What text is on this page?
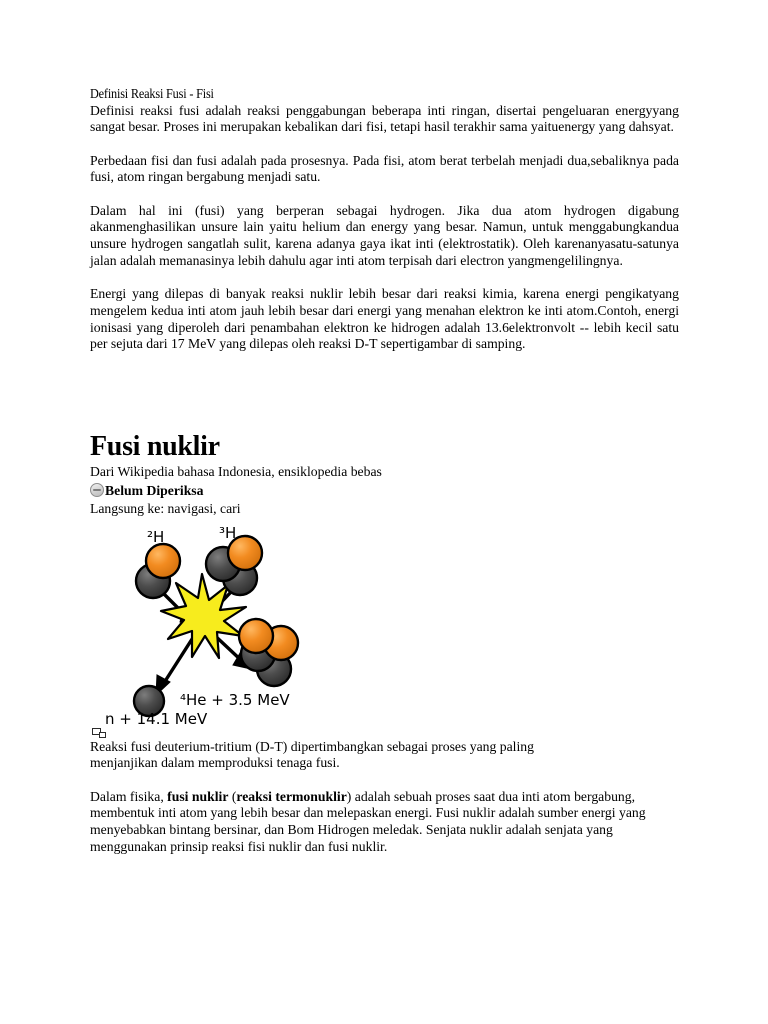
Definisi Reaksi Fusi - Fisi

Definisi reaksi fusi adalah reaksi penggabungan beberapa inti ringan, disertai pengeluaran energyyang sangat besar. Proses ini merupakan kebalikan dari fisi, tetapi hasil terakhir sama yaituenergy yang dahsyat.

Perbedaan fisi dan fusi adalah pada prosesnya. Pada fisi, atom berat terbelah menjadi dua,sebaliknya pada fusi, atom ringan bergabung menjadi satu.

Dalam hal ini (fusi) yang berperan sebagai hydrogen. Jika dua atom hydrogen digabung akanmenghasilikan unsure lain yaitu helium dan energy yang besar. Namun, untuk menggabungkandua unsure hydrogen sangatlah sulit, karena adanya gaya ikat inti (elektrostatik). Oleh karenanyasatu-satunya jalan adalah memanasinya lebih dahulu agar inti atom terpisah dari electron yangmengelilingnya.

Energi yang dilepas di banyak reaksi nuklir lebih besar dari reaksi kimia, karena energi pengikatyang mengelem kedua inti atom jauh lebih besar dari energi yang menahan elektron ke inti atom.Contoh, energi ionisasi yang diperoleh dari penambahan elektron ke hidrogen adalah 13.6elektronvolt -- lebih kecil satu per sejuta dari 17 MeV yang dilepas oleh reaksi D-T sepertigambar di samping.

Fusi nuklir
Dari Wikipedia bahasa Indonesia, ensiklopedia bebas
Belum Diperiksa
Langsung ke: navigasi, cari
²H	³H
⁴He + 3.5 MeV
n + 14.1 MeV

Reaksi fusi deuterium-tritium (D-T) dipertimbangkan sebagai proses yang paling menjanjikan dalam memproduksi tenaga fusi.

Dalam fisika, fusi nuklir (reaksi termonuklir) adalah sebuah proses saat dua inti atom bergabung, membentuk inti atom yang lebih besar dan melepaskan energi. Fusi nuklir adalah sumber energi yang menyebabkan bintang bersinar, dan Bom Hidrogen meledak. Senjata nuklir adalah senjata yang menggunakan prinsip reaksi fisi nuklir dan fusi nuklir.
